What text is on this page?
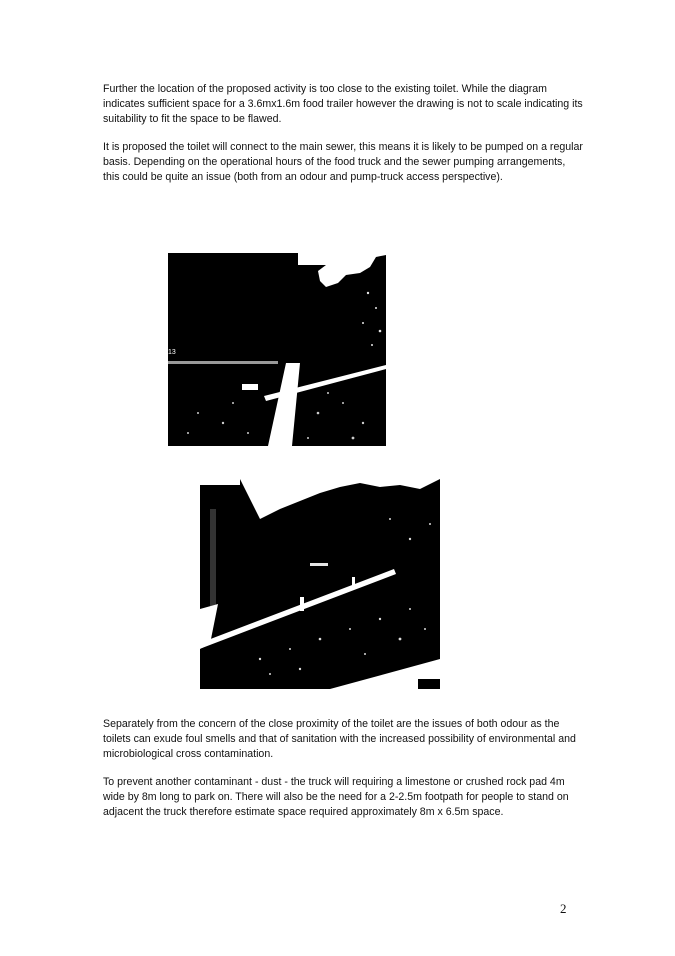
Further the location of the proposed activity is too close to the existing toilet. While the diagram indicates sufficient space for a 3.6mx1.6m food trailer however the drawing is not to scale indicating its suitability to fit the space to be flawed.

It is proposed the toilet will connect to the main sewer, this means it is likely to be pumped on a regular basis. Depending on the operational hours of the food truck and the sewer pumping arrangements, this could be quite an issue (both from an odour and pump-truck access perspective).

13

Separately from the concern of the close proximity of the toilet are the issues of both odour as the toilets can exude foul smells and that of sanitation with the increased possibility of environmental and microbiological cross contamination.

To prevent another contaminant - dust - the truck will requiring a limestone or crushed rock pad 4m wide by 8m long to park on. There will also be the need for a 2-2.5m footpath for people to stand on adjacent the truck therefore estimate space required approximately 8m x 6.5m space.

2
